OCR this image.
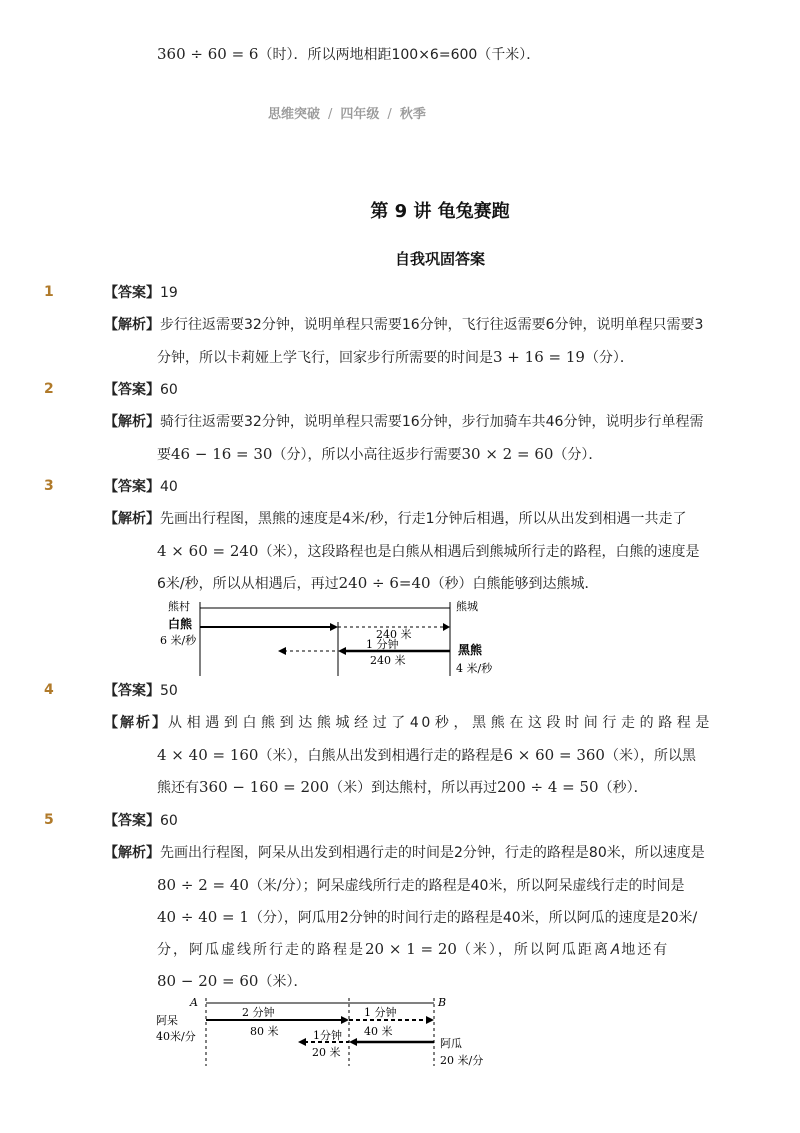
360 ÷ 60 = 6（时）．所以两地相距100×6=600（千米）．
思维突破 / 四年级 / 秋季
第 9 讲 龟兔赛跑
自我巩固答案
1	【答案】19
【解析】步行往返需要32分钟，说明单程只需要16分钟，飞行往返需要6分钟，说明单程只需要3
分钟，所以卡莉娅上学飞行，回家步行所需要的时间是3 + 16 = 19（分）．
2	【答案】60
【解析】骑行往返需要32分钟，说明单程只需要16分钟，步行加骑车共46分钟，说明步行单程需
要46 − 16 = 30（分），所以小高往返步行需要30 × 2 = 60（分）．
3	【答案】40
【解析】先画出行程图，黑熊的速度是4米/秒，行走1分钟后相遇，所以从出发到相遇一共走了
4 × 60 = 240（米），这段路程也是白熊从相遇后到熊城所行走的路程，白熊的速度是
6米/秒，所以从相遇后，再过240 ÷ 6=40（秒）白熊能够到达熊城．
熊村	熊城
白熊
6 米/秒	240 米
1 分钟
240 米
黑熊
4 米/秒
4	【答案】50
【解析】从相遇到白熊到达熊城经过了40秒，黑熊在这段时间行走的路程是
4 × 40 = 160（米），白熊从出发到相遇行走的路程是6 × 60 = 360（米），所以黑
熊还有360 − 160 = 200（米）到达熊村，所以再过200 ÷ 4 = 50（秒）．
5	【答案】60
【解析】先画出行程图，阿呆从出发到相遇行走的时间是2分钟，行走的路程是80米，所以速度是
80 ÷ 2 = 40（米/分）；阿呆虚线所行走的路程是40米，所以阿呆虚线行走的时间是
40 ÷ 40 = 1（分），阿瓜用2分钟的时间行走的路程是40米，所以阿瓜的速度是20米/
分，阿瓜虚线所行走的路程是20 × 1 = 20（米），所以阿瓜距离𝐴地还有
80 − 20 = 60（米）．
A	B
阿呆
40米/分
2 分钟
80 米
1 分钟
40 米
1分钟
20 米
阿瓜
20 米/分
